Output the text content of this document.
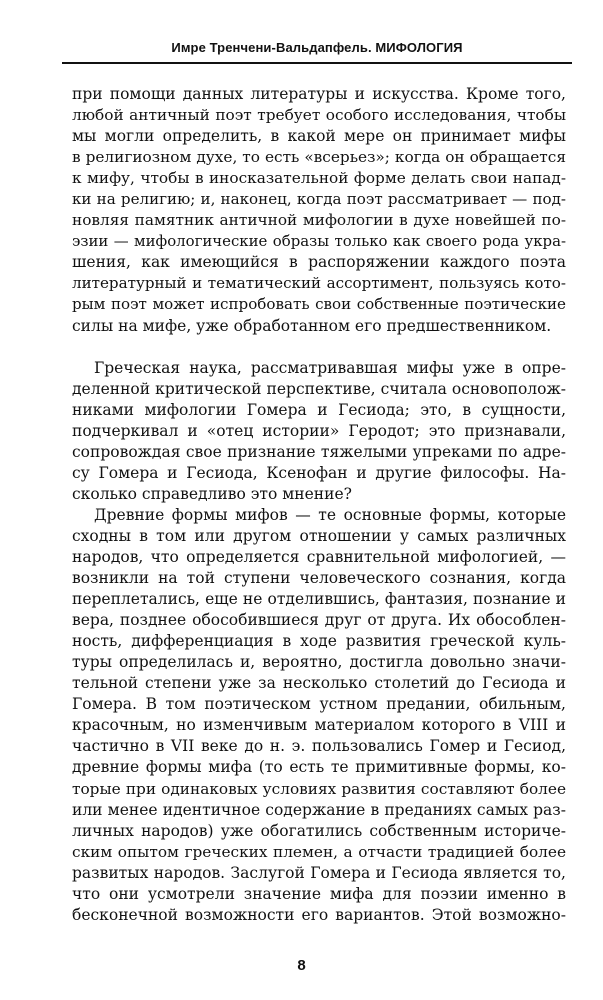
Имре Тренчени-Вальдапфель. МИФОЛОГИЯ
при помощи данных литературы и искусства. Кроме того,
любой античный поэт требует особого исследования, чтобы
мы могли определить, в какой мере он принимает мифы
в религиозном духе, то есть «всерьез»; когда он обращается
к мифу, чтобы в иносказательной форме делать свои напад-
ки на религию; и, наконец, когда поэт рассматривает — под-
новляя памятник античной мифологии в духе новейшей по-
эзии — мифологические образы только как своего рода укра-
шения, как имеющийся в распоряжении каждого поэта
литературный и тематический ассортимент, пользуясь кото-
рым поэт может испробовать свои собственные поэтические
силы на мифе, уже обработанном его предшественником.
Греческая наука, рассматривавшая мифы уже в опре-
деленной критической перспективе, считала основополож-
никами мифологии Гомера и Гесиода; это, в сущности,
подчеркивал и «отец истории» Геродот; это признавали,
сопровождая свое признание тяжелыми упреками по адре-
су Гомера и Гесиода, Ксенофан и другие философы. На-
сколько справедливо это мнение?
Древние формы мифов — те основные формы, которые
сходны в том или другом отношении у самых различных
народов, что определяется сравнительной мифологией, —
возникли на той ступени человеческого сознания, когда
переплетались, еще не отделившись, фантазия, познание и
вера, позднее обособившиеся друг от друга. Их обособлен-
ность, дифференциация в ходе развития греческой куль-
туры определилась и, вероятно, достигла довольно значи-
тельной степени уже за несколько столетий до Гесиода и
Гомера. В том поэтическом устном предании, обильным,
красочным, но изменчивым материалом которого в VIII и
частично в VII веке до н. э. пользовались Гомер и Гесиод,
древние формы мифа (то есть те примитивные формы, ко-
торые при одинаковых условиях развития составляют более
или менее идентичное содержание в преданиях самых раз-
личных народов) уже обогатились собственным историче-
ским опытом греческих племен, а отчасти традицией более
развитых народов. Заслугой Гомера и Гесиода является то,
что они усмотрели значение мифа для поэзии именно в
бесконечной возможности его вариантов. Этой возможно-
8
